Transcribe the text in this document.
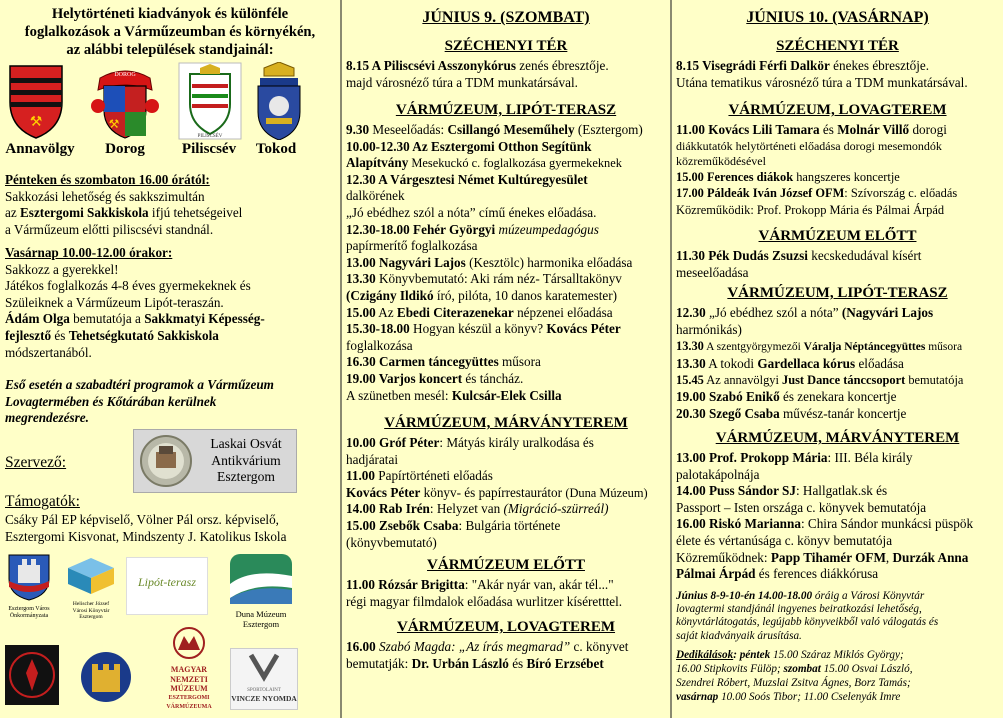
Helytörténeti kiadványok és különféle
foglalkozások a Várműzeumban és környékén,
az alábbi települések standjainál:
⚒
DOROG
⚒
PILISCSÉV
Annavölgy	Dorog	Piliscsév	Tokod
Pénteken és szombaton 16.00 órától:
Sakkozási lehetőség és sakkszimultán
az Esztergomi Sakkiskola ifjú tehetségeivel
a Várműzeum előtti piliscsévi standnál.
Vasárnap 10.00-12.00 órakor:
Sakkozz a gyerekkel!
Játékos foglalkozás 4-8 éves gyermekeknek és
Szüleiknek a Várműzeum Lipót-teraszán.
Ádám Olga bemutatója a Sakkmatyi Képesség-
fejlesztő és Tehetségkutató Sakkiskola
módszertanából.
Eső esetén a szabadtéri programok a Várműzeum
Lovagtermében és Kőtárában kerülnek
megrendezésre.
Szervező:
Laskai Osvát
Antikvárium
Esztergom
Támogatók:
Csáky Pál EP képviselő, Völner Pál orsz. képviselő,
Esztergomi Kisvonat, Mindszenty J. Katolikus Iskola
Esztergom Város
Önkormányzata
Helischer József
Városi Könyvtár
Esztergom
Lipót-terasz
Duna Múzeum
Esztergom
MAGYAR
NEMZETI
MÚZEUM
ESZTERGOMI
VÁRMÚZEUMA
SPORTOLAINT
VINCZE NYOMDA
JÚNIUS 9. (SZOMBAT)
SZÉCHENYI TÉR
8.15 A Piliscsévi Asszonykórus zenés ébresztője.
majd városnéző túra a TDM munkatársával.
VÁRMÚZEUM, LIPÓT-TERASZ
9.30 Meseelőadás: Csillangó Meseműhely (Esztergom)
10.00-12.30 Az Esztergomi Otthon Segítünk
Alapítvány Mesekuckó c. foglalkozása gyermekeknek
12.30 A Várgesztesi Német Kultúregyesület
dalkörének
„Jó ebédhez szól a nóta” című énekes előadása.
12.30-18.00 Fehér Györgyi múzeumpedagógus
papírmerítő foglalkozása
13.00 Nagyvári Lajos (Kesztölc) harmonika előadása
13.30 Könyvbemutató: Aki rám néz- Társalltakönyv
(Czigány Ildikó író, pilóta, 10 danos karatemester)
15.00 Az Ebedi Citerazenekar népzenei előadása
15.30-18.00 Hogyan készül a könyv? Kovács Péter
foglalkozása
16.30 Carmen táncegyüttes műsora
19.00 Varjos koncert és táncház.
A szünetben mesél: Kulcsár-Elek Csilla
VÁRMÚZEUM, MÁRVÁNYTEREM
10.00 Gróf Péter: Mátyás király uralkodása és
hadjáratai
11.00 Papírtörténeti előadás
Kovács Péter könyv- és papírrestaurátor (Duna Múzeum)
14.00 Rab Irén: Helyzet van (Migráció-szürreál)
15.00 Zsebők Csaba: Bulgária története
(könyvbemutató)
VÁRMÚZEUM ELŐTT
11.00 Rózsár Brigitta: "Akár nyár van, akár tél..."
régi magyar filmdalok előadása wurlitzer kíséretttel.
VÁRMÚZEUM, LOVAGTEREM
16.00 Szabó Magda: „Az írás megmarad” c. könyvet
bemutatják: Dr. Urbán László és Bíró Erzsébet
JÚNIUS 10. (VASÁRNAP)
SZÉCHENYI TÉR
8.15 Visegrádi Férfi Dalkör énekes ébresztője.
Utána tematikus városnéző túra a TDM munkatársával.
VÁRMÚZEUM, LOVAGTEREM
11.00 Kovács Lili Tamara és Molnár Villő dorogi
diákkutatók helytörténeti előadása dorogi mesemondók
közreműködésével
15.00 Ferences diákok hangszeres koncertje
17.00 Páldeák Iván József OFM: Szívország c. előadás
Közreműködik: Prof. Prokopp Mária és Pálmai Árpád
VÁRMÚZEUM ELŐTT
11.30 Pék Dudás Zsuzsi kecskedudával kísért
meseelőadása
VÁRMÚZEUM, LIPÓT-TERASZ
12.30 „Jó ebédhez szól a nóta” (Nagyvári Lajos
harmónikás)
13.30 A szentgyörgymezői Váralja Néptáncegyüttes műsora
13.30 A tokodi Gardellaca kórus előadása
15.45 Az annavölgyi Just Dance tánccsoport bemutatója
19.00 Szabó Enikő és zenekara koncertje
20.30 Szegő Csaba művész-tanár koncertje
VÁRMÚZEUM, MÁRVÁNYTEREM
13.00 Prof. Prokopp Mária: III. Béla király
palotakápolnája
14.00 Puss Sándor SJ: Hallgatlak.sk és
Passport – Isten országa c. könyvek bemutatója
16.00 Riskó Marianna: Chira Sándor munkácsi püspök
élete és vértanúsága c. könyv bemutatója
Közreműködnek: Papp Tihamér OFM, Durzák Anna
Pálmai Árpád és ferences diákkórusa
Június 8-9-10-én 14.00-18.00 óráig a Városi Könyvtár
lovagtermi standjánál ingyenes beiratkozási lehetőség,
könyvtárlátogatás, legújabb könyveikből való válogatás és
saját kiadványaik árusítása.
Dedikálások: péntek 15.00 Száraz Miklós György;
16.00 Stipkovits Fülöp; szombat 15.00 Osvai László,
Szendrei Róbert, Muzslai Zsitva Ágnes, Borz Tamás;
vasárnap 10.00 Soós Tibor; 11.00 Cselenyák Imre
